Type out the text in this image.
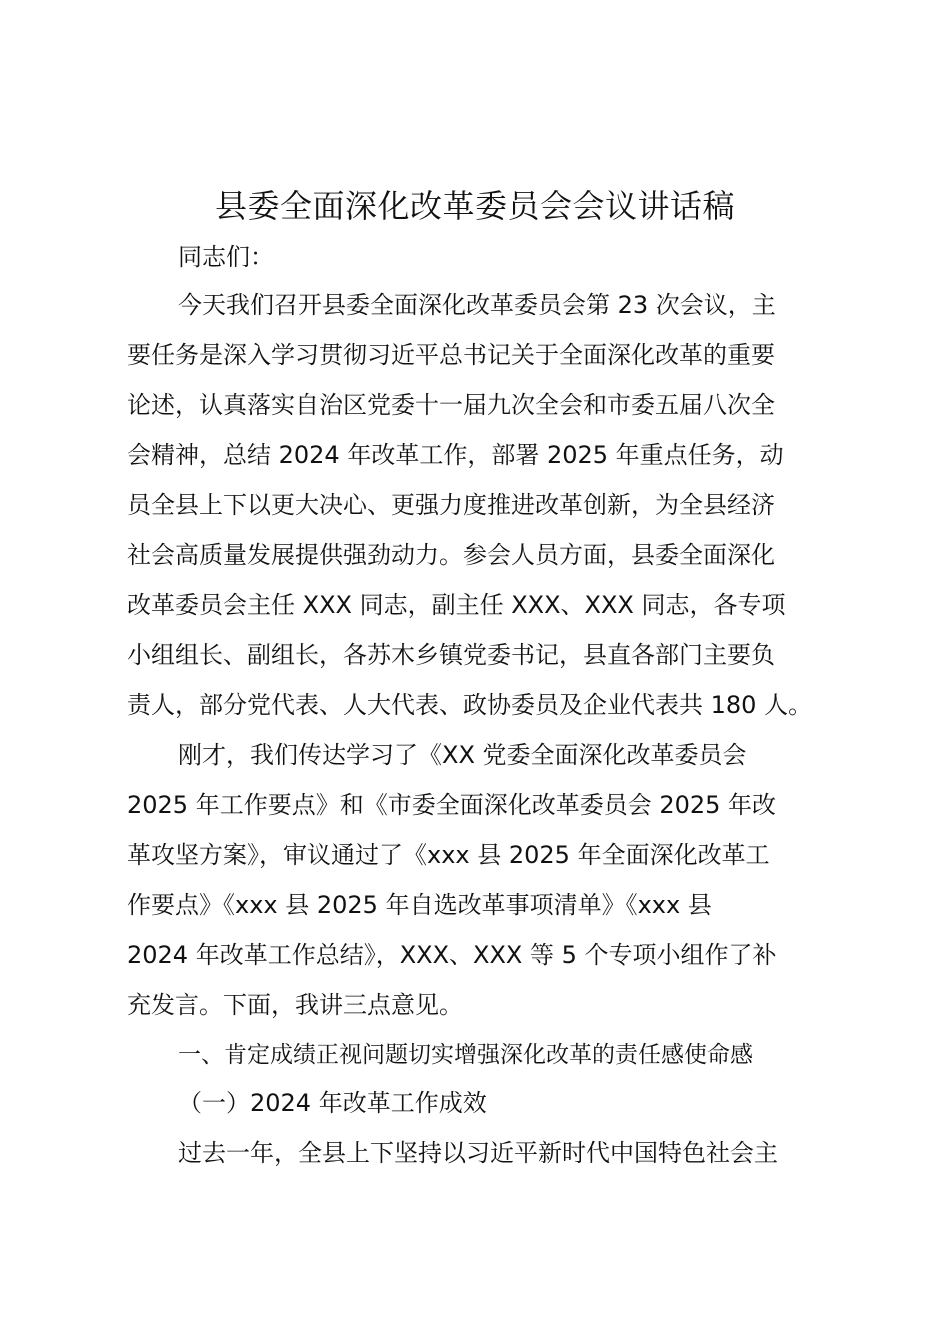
县委全面深化改革委员会会议讲话稿
同志们：
今天我们召开县委全面深化改革委员会第 23 次会议，主
要任务是深入学习贯彻习近平总书记关于全面深化改革的重要
论述，认真落实自治区党委十一届九次全会和市委五届八次全
会精神，总结 2024 年改革工作，部署 2025 年重点任务，动
员全县上下以更大决心、更强力度推进改革创新，为全县经济
社会高质量发展提供强劲动力。参会人员方面，县委全面深化
改革委员会主任 XXX 同志，副主任 XXX、XXX 同志，各专项
小组组长、副组长，各苏木乡镇党委书记，县直各部门主要负
责人，部分党代表、人大代表、政协委员及企业代表共 180 人。
刚才，我们传达学习了《XX 党委全面深化改革委员会
2025 年工作要点》和《市委全面深化改革委员会 2025 年改
革攻坚方案》，审议通过了《xxx 县 2025 年全面深化改革工
作要点》《xxx 县 2025 年自选改革事项清单》《xxx 县
2024 年改革工作总结》，XXX、XXX 等 5 个专项小组作了补
充发言。下面，我讲三点意见。
一、肯定成绩正视问题切实增强深化改革的责任感使命感
（一）2024 年改革工作成效
过去一年，全县上下坚持以习近平新时代中国特色社会主
